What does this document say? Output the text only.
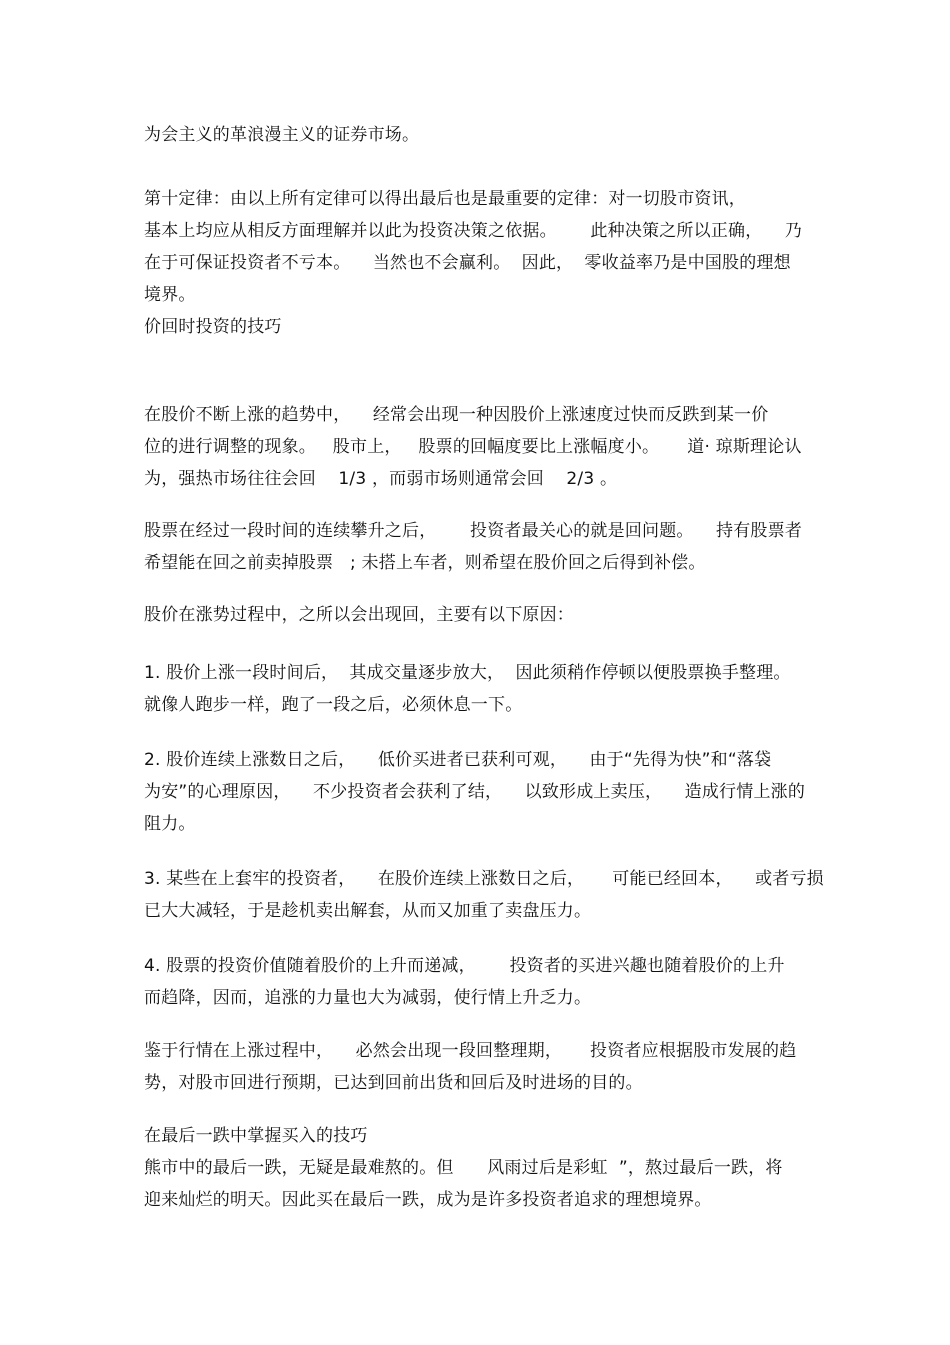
为会主义的革浪漫主义的证券市场。

第十定律：由以上所有定律可以得出最后也是最重要的定律：对一切股市资讯，

基本上均应从相反方面理解并以此为投资决策之依据。      此种决策之所以正确，    乃

在于可保证投资者不亏本。    当然也不会赢利。  因此，  零收益率乃是中国股的理想

境界。

价回时投资的技巧

在股价不断上涨的趋势中，    经常会出现一种因股价上涨速度过快而反跌到某一价

位的进行调整的现象。   股市上，   股票的回幅度要比上涨幅度小。     道· 琼斯理论认

为，强热市场往往会回    1/3 ，而弱市场则通常会回    2/3 。

股票在经过一段时间的连续攀升之后，      投资者最关心的就是回问题。    持有股票者

希望能在回之前卖掉股票   ; 未搭上车者，则希望在股价回之后得到补偿。

股价在涨势过程中，之所以会出现回，主要有以下原因：

1. 股价上涨一段时间后，  其成交量逐步放大，  因此须稍作停顿以便股票换手整理。

就像人跑步一样，跑了一段之后，必须休息一下。

2. 股价连续上涨数日之后，    低价买进者已获利可观，    由于“先得为快”和“落袋

为安”的心理原因，    不少投资者会获利了结，    以致形成上卖压，    造成行情上涨的

阻力。

3. 某些在上套牢的投资者，    在股价连续上涨数日之后，     可能已经回本，    或者亏损

已大大减轻，于是趁机卖出解套，从而又加重了卖盘压力。

4. 股票的投资价值随着股价的上升而递减，      投资者的买进兴趣也随着股价的上升

而趋降，因而，追涨的力量也大为减弱，使行情上升乏力。

鉴于行情在上涨过程中，    必然会出现一段回整理期，     投资者应根据股市发展的趋

势，对股市回进行预期，已达到回前出货和回后及时进场的目的。

在最后一跌中掌握买入的技巧

熊市中的最后一跌，无疑是最难熬的。但      风雨过后是彩虹  ”，熬过最后一跌，将

迎来灿烂的明天。因此买在最后一跌，成为是许多投资者追求的理想境界。
